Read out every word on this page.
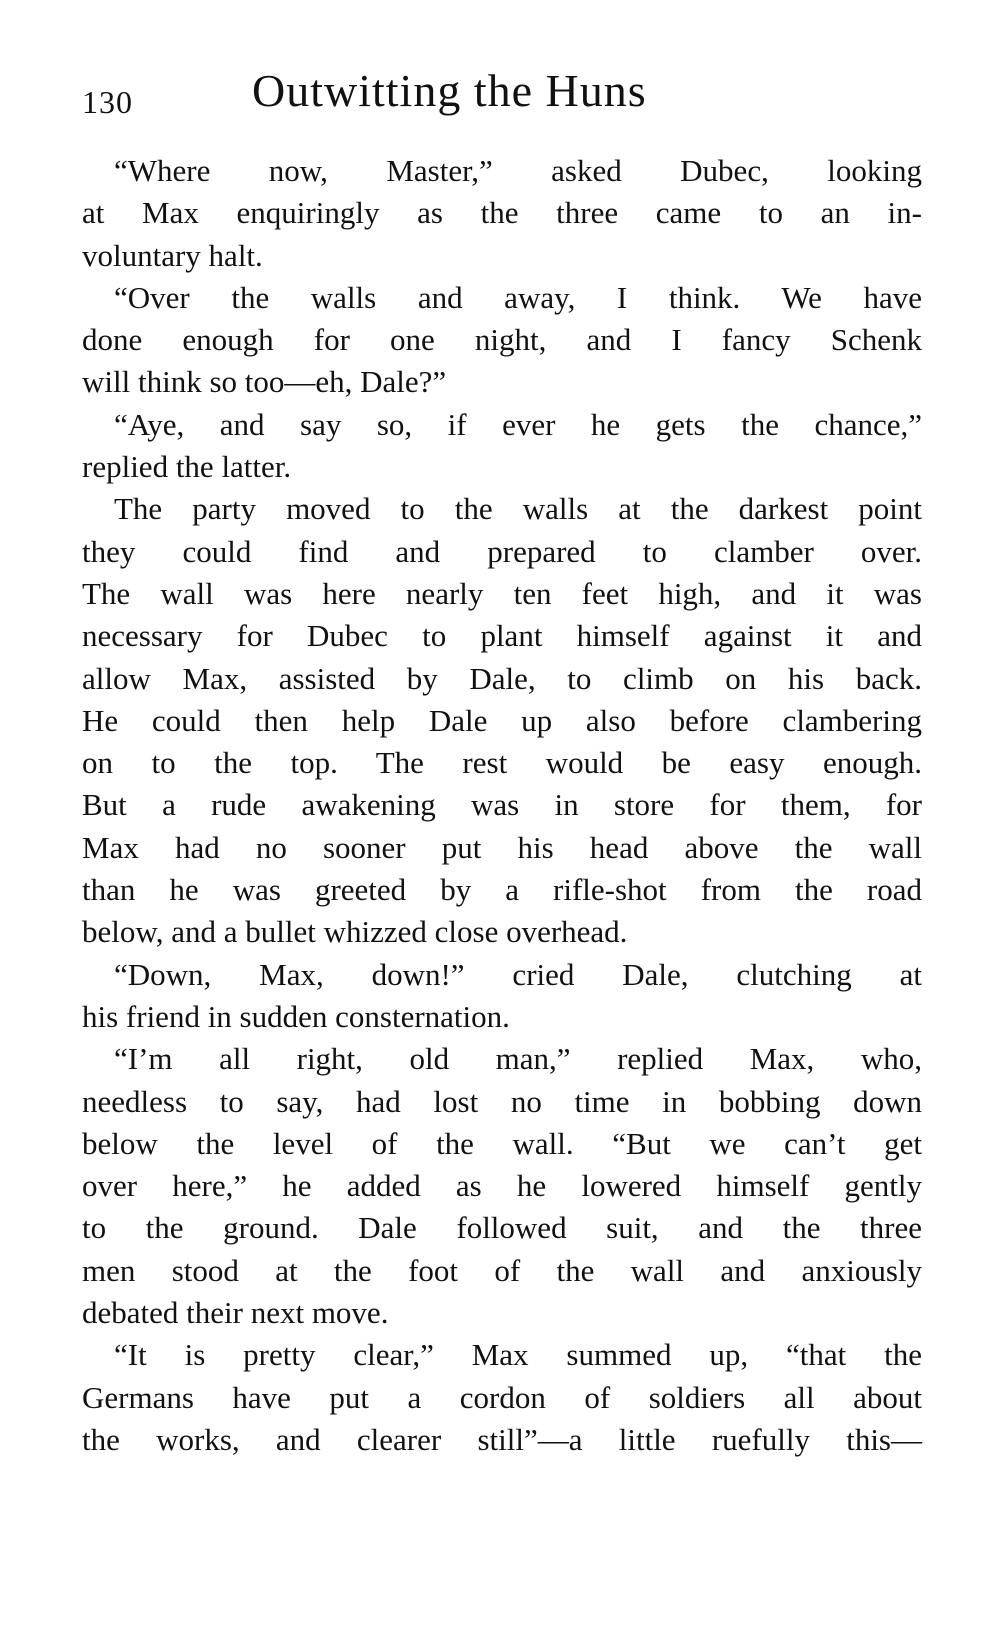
130	Outwitting the Huns
“Where now, Master,” asked Dubec, looking
at Max enquiringly as the three came to an in-
voluntary halt.
“Over the walls and away, I think. We have
done enough for one night, and I fancy Schenk
will think so too—eh, Dale?”
“Aye, and say so, if ever he gets the chance,”
replied the latter.
The party moved to the walls at the darkest point
they could find and prepared to clamber over.
The wall was here nearly ten feet high, and it was
necessary for Dubec to plant himself against it and
allow Max, assisted by Dale, to climb on his back.
He could then help Dale up also before clambering
on to the top. The rest would be easy enough.
But a rude awakening was in store for them, for
Max had no sooner put his head above the wall
than he was greeted by a rifle-shot from the road
below, and a bullet whizzed close overhead.
“Down, Max, down!” cried Dale, clutching at
his friend in sudden consternation.
“I’m all right, old man,” replied Max, who,
needless to say, had lost no time in bobbing down
below the level of the wall. “But we can’t get
over here,” he added as he lowered himself gently
to the ground. Dale followed suit, and the three
men stood at the foot of the wall and anxiously
debated their next move.
“It is pretty clear,” Max summed up, “that the
Germans have put a cordon of soldiers all about
the works, and clearer still”—a little ruefully this—
